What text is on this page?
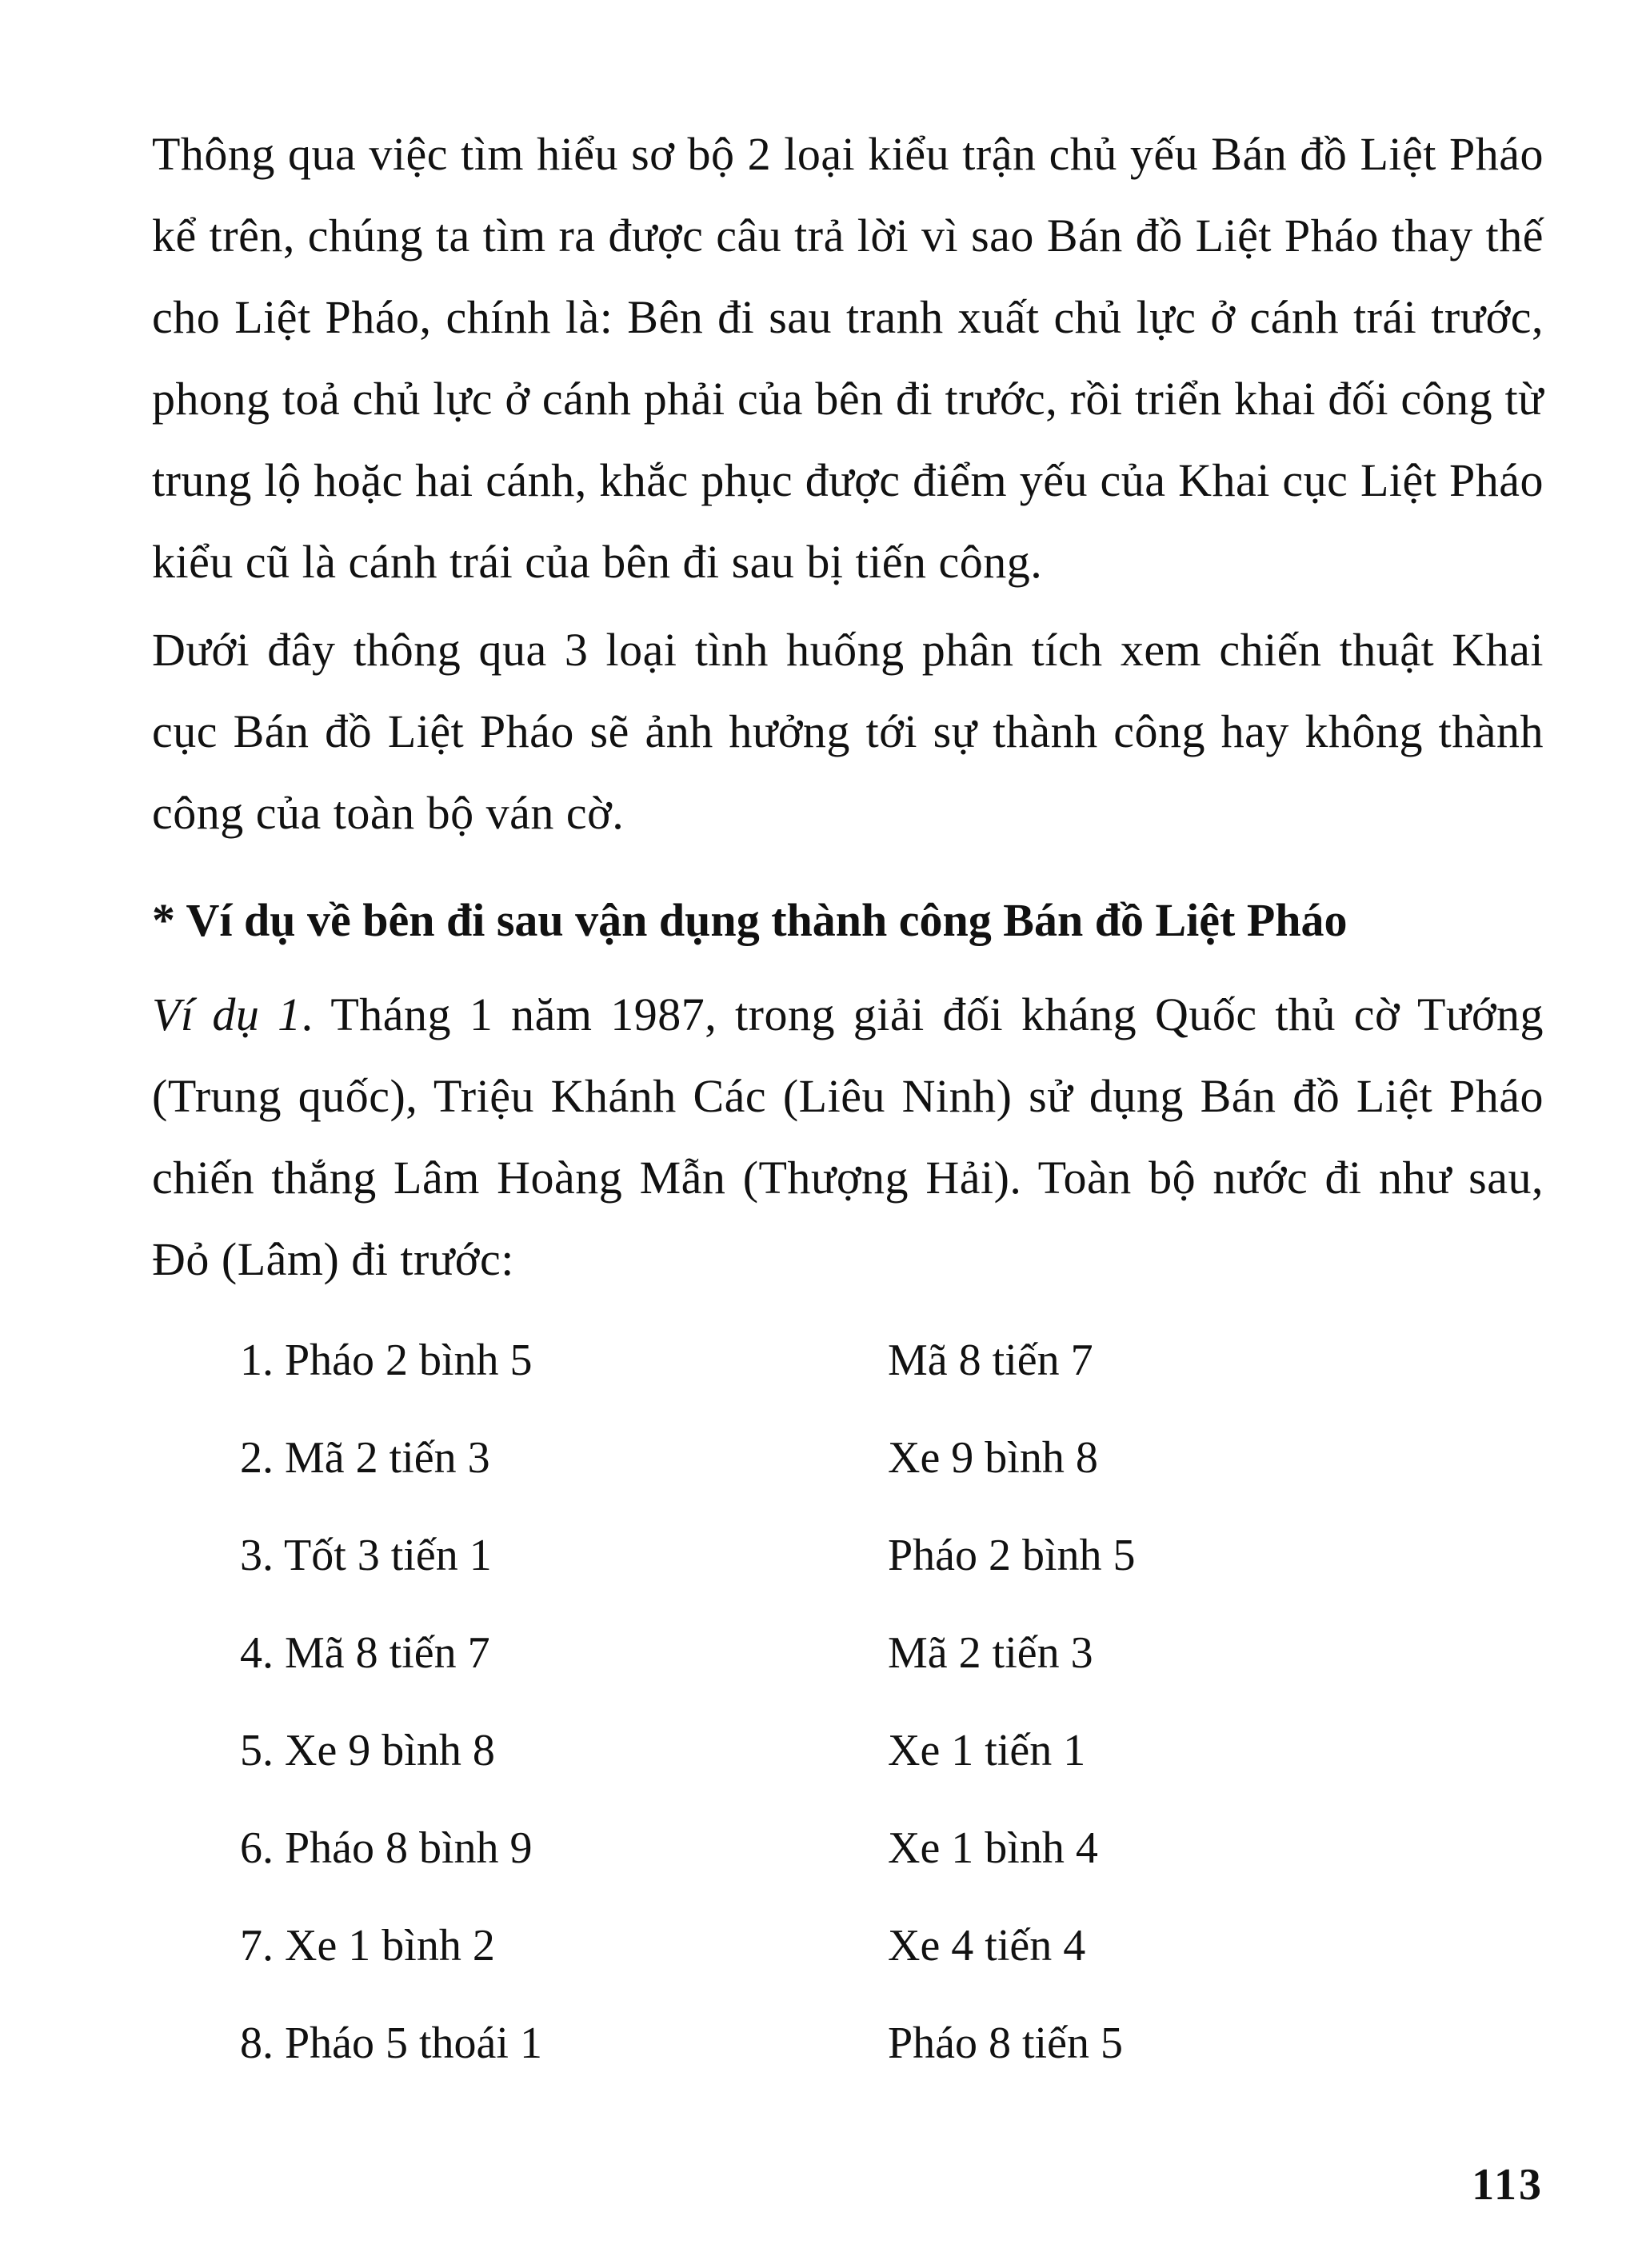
Thông qua việc tìm hiểu sơ bộ 2 loại kiểu trận chủ yếu Bán đồ Liệt Pháo kể trên, chúng ta tìm ra được câu trả lời vì sao Bán đồ Liệt Pháo thay thế cho Liệt Pháo, chính là: Bên đi sau tranh xuất chủ lực ở cánh trái trước, phong toả chủ lực ở cánh phải của bên đi trước, rồi triển khai đối công từ trung lộ hoặc hai cánh, khắc phục được điểm yếu của Khai cục Liệt Pháo kiểu cũ là cánh trái của bên đi sau bị tiến công.

Dưới đây thông qua 3 loại tình huống phân tích xem chiến thuật Khai cục Bán đồ Liệt Pháo sẽ ảnh hưởng tới sự thành công hay không thành công của toàn bộ ván cờ.

* Ví dụ về bên đi sau vận dụng thành công Bán đồ Liệt Pháo

Ví dụ 1. Tháng 1 năm 1987, trong giải đối kháng Quốc thủ cờ Tướng (Trung quốc), Triệu Khánh Các (Liêu Ninh) sử dụng Bán đồ Liệt Pháo chiến thắng Lâm Hoàng Mẫn (Thượng Hải). Toàn bộ nước đi như sau, Đỏ (Lâm) đi trước:

1. Pháo 2 bình 5	Mã 8 tiến 7
2. Mã 2 tiến 3	Xe 9 bình 8
3. Tốt 3 tiến 1	Pháo 2 bình 5
4. Mã 8 tiến 7	Mã 2 tiến 3
5. Xe 9 bình 8	Xe 1 tiến 1
6. Pháo 8 bình 9	Xe 1 bình 4
7. Xe 1 bình 2	Xe 4 tiến 4
8. Pháo 5 thoái 1	Pháo 8 tiến 5
113
